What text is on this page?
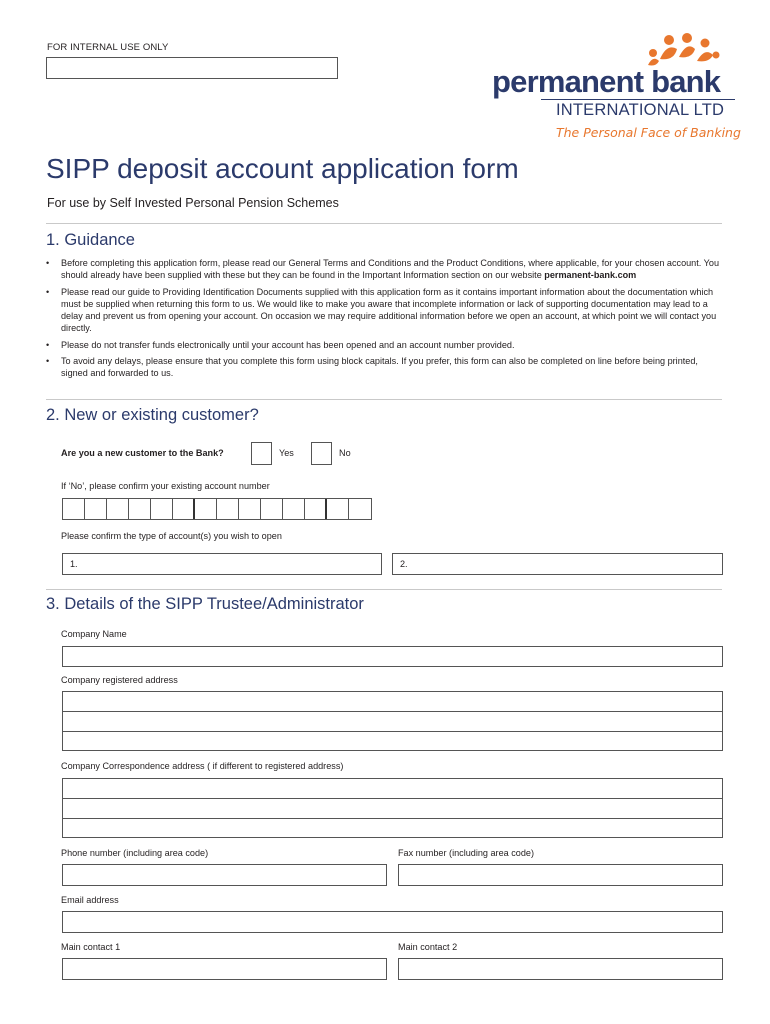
FOR INTERNAL USE ONLY
permanent bank
INTERNATIONAL LTD
The Personal Face of Banking
SIPP deposit account application form
For use by Self Invested Personal Pension Schemes
1. Guidance
• Before completing this application form, please read our General Terms and Conditions and the Product Conditions, where applicable, for your chosen account. You should already have been supplied with these but they can be found in the Important Information section on our website permanent-bank.com
• Please read our guide to Providing Identification Documents supplied with this application form as it contains important information about the documentation which must be supplied when returning this form to us. We would like to make you aware that incomplete information or lack of supporting documentation may lead to a delay and prevent us from opening your account. On occasion we may require additional information before we open an account, at which point we will contact you directly.
• Please do not transfer funds electronically until your account has been opened and an account number provided.
• To avoid any delays, please ensure that you complete this form using block capitals. If you prefer, this form can also be completed on line before being printed, signed and forwarded to us.
2. New or existing customer?
Are you a new customer to the Bank?	Yes	No
If ‘No’, please confirm your existing account number
Please confirm the type of account(s) you wish to open
1.	2.
3. Details of the SIPP Trustee/Administrator
Company Name
Company registered address
Company Correspondence address ( if different to registered address)
Phone number (including area code)	Fax number (including area code)
Email address
Main contact 1	Main contact 2
